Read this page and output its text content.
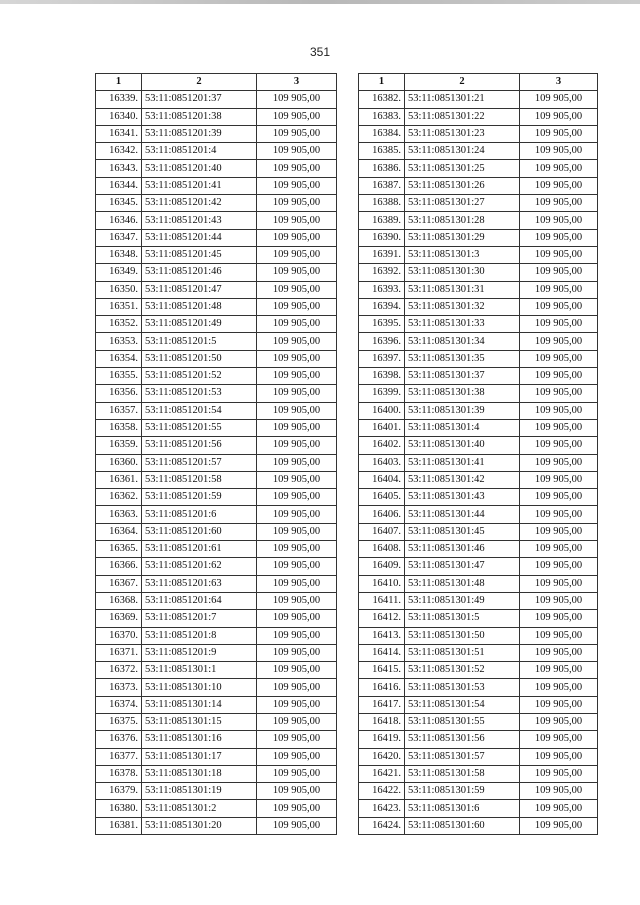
351
1	2	3
16339.	53:11:0851201:37	109 905,00
16340.	53:11:0851201:38	109 905,00
16341.	53:11:0851201:39	109 905,00
16342.	53:11:0851201:4	109 905,00
16343.	53:11:0851201:40	109 905,00
16344.	53:11:0851201:41	109 905,00
16345.	53:11:0851201:42	109 905,00
16346.	53:11:0851201:43	109 905,00
16347.	53:11:0851201:44	109 905,00
16348.	53:11:0851201:45	109 905,00
16349.	53:11:0851201:46	109 905,00
16350.	53:11:0851201:47	109 905,00
16351.	53:11:0851201:48	109 905,00
16352.	53:11:0851201:49	109 905,00
16353.	53:11:0851201:5	109 905,00
16354.	53:11:0851201:50	109 905,00
16355.	53:11:0851201:52	109 905,00
16356.	53:11:0851201:53	109 905,00
16357.	53:11:0851201:54	109 905,00
16358.	53:11:0851201:55	109 905,00
16359.	53:11:0851201:56	109 905,00
16360.	53:11:0851201:57	109 905,00
16361.	53:11:0851201:58	109 905,00
16362.	53:11:0851201:59	109 905,00
16363.	53:11:0851201:6	109 905,00
16364.	53:11:0851201:60	109 905,00
16365.	53:11:0851201:61	109 905,00
16366.	53:11:0851201:62	109 905,00
16367.	53:11:0851201:63	109 905,00
16368.	53:11:0851201:64	109 905,00
16369.	53:11:0851201:7	109 905,00
16370.	53:11:0851201:8	109 905,00
16371.	53:11:0851201:9	109 905,00
16372.	53:11:0851301:1	109 905,00
16373.	53:11:0851301:10	109 905,00
16374.	53:11:0851301:14	109 905,00
16375.	53:11:0851301:15	109 905,00
16376.	53:11:0851301:16	109 905,00
16377.	53:11:0851301:17	109 905,00
16378.	53:11:0851301:18	109 905,00
16379.	53:11:0851301:19	109 905,00
16380.	53:11:0851301:2	109 905,00
16381.	53:11:0851301:20	109 905,00
1	2	3
16382.	53:11:0851301:21	109 905,00
16383.	53:11:0851301:22	109 905,00
16384.	53:11:0851301:23	109 905,00
16385.	53:11:0851301:24	109 905,00
16386.	53:11:0851301:25	109 905,00
16387.	53:11:0851301:26	109 905,00
16388.	53:11:0851301:27	109 905,00
16389.	53:11:0851301:28	109 905,00
16390.	53:11:0851301:29	109 905,00
16391.	53:11:0851301:3	109 905,00
16392.	53:11:0851301:30	109 905,00
16393.	53:11:0851301:31	109 905,00
16394.	53:11:0851301:32	109 905,00
16395.	53:11:0851301:33	109 905,00
16396.	53:11:0851301:34	109 905,00
16397.	53:11:0851301:35	109 905,00
16398.	53:11:0851301:37	109 905,00
16399.	53:11:0851301:38	109 905,00
16400.	53:11:0851301:39	109 905,00
16401.	53:11:0851301:4	109 905,00
16402.	53:11:0851301:40	109 905,00
16403.	53:11:0851301:41	109 905,00
16404.	53:11:0851301:42	109 905,00
16405.	53:11:0851301:43	109 905,00
16406.	53:11:0851301:44	109 905,00
16407.	53:11:0851301:45	109 905,00
16408.	53:11:0851301:46	109 905,00
16409.	53:11:0851301:47	109 905,00
16410.	53:11:0851301:48	109 905,00
16411.	53:11:0851301:49	109 905,00
16412.	53:11:0851301:5	109 905,00
16413.	53:11:0851301:50	109 905,00
16414.	53:11:0851301:51	109 905,00
16415.	53:11:0851301:52	109 905,00
16416.	53:11:0851301:53	109 905,00
16417.	53:11:0851301:54	109 905,00
16418.	53:11:0851301:55	109 905,00
16419.	53:11:0851301:56	109 905,00
16420.	53:11:0851301:57	109 905,00
16421.	53:11:0851301:58	109 905,00
16422.	53:11:0851301:59	109 905,00
16423.	53:11:0851301:6	109 905,00
16424.	53:11:0851301:60	109 905,00
